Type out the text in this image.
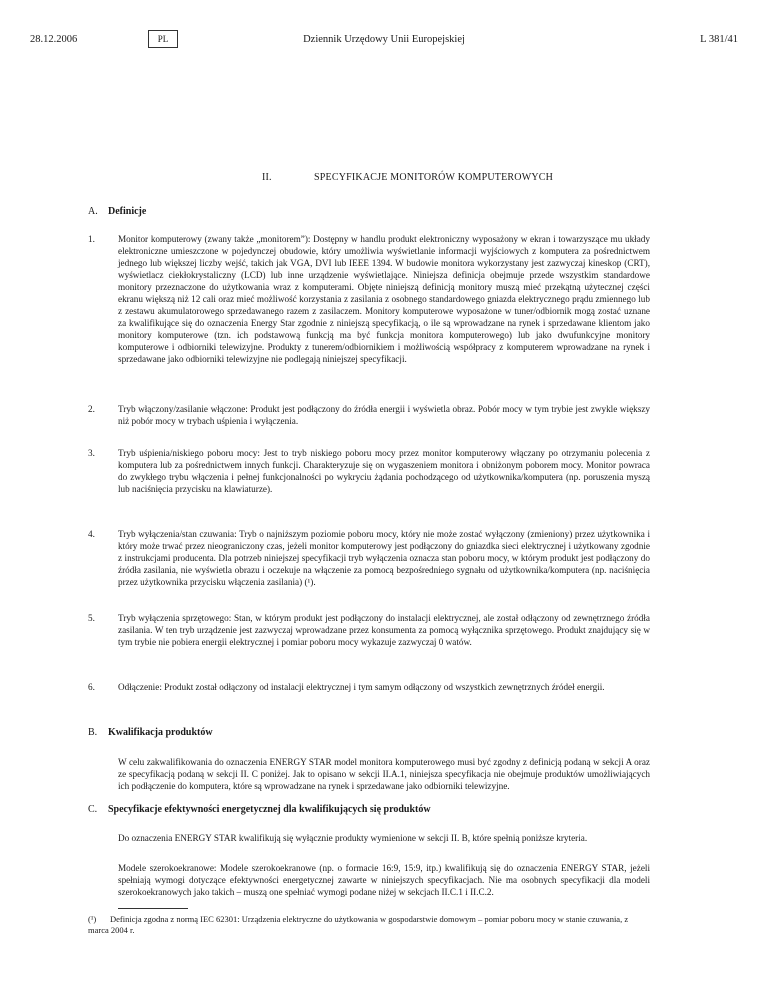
28.12.2006	PL	Dziennik Urzędowy Unii Europejskiej	L 381/41
II.	SPECYFIKACJE MONITORÓW KOMPUTEROWYCH
A. Definicje
1.	Monitor komputerowy (zwany także „monitorem”): Dostępny w handlu produkt elektroniczny wyposażony w ekran i towarzyszące mu układy elektroniczne umieszczone w pojedynczej obudowie, który umożliwia wyświetlanie informacji wyjściowych z komputera za pośrednictwem jednego lub większej liczby wejść, takich jak VGA, DVI lub IEEE 1394. W budowie monitora wykorzystany jest zazwyczaj kineskop (CRT), wyświetlacz ciekłokrystaliczny (LCD) lub inne urządzenie wyświetlające. Niniejsza definicja obejmuje przede wszystkim standardowe monitory przeznaczone do użytkowania wraz z komputerami. Objęte niniejszą definicją monitory muszą mieć przekątną użytecznej części ekranu większą niż 12 cali oraz mieć możliwość korzystania z zasilania z osobnego standardowego gniazda elektrycznego prądu zmiennego lub z zestawu akumulatorowego sprzedawanego razem z zasilaczem. Monitory komputerowe wyposażone w tuner/odbiornik mogą zostać uznane za kwalifikujące się do oznaczenia Energy Star zgodnie z niniejszą specyfikacją, o ile są wprowadzane na rynek i sprzedawane klientom jako monitory komputerowe (tzn. ich podstawową funkcją ma być funkcja monitora komputerowego) lub jako dwufunkcyjne monitory komputerowe i odbiorniki telewizyjne. Produkty z tunerem/odbiornikiem i możliwością współpracy z komputerem wprowadzane na rynek i sprzedawane jako odbiorniki telewizyjne nie podlegają niniejszej specyfikacji.
2.	Tryb włączony/zasilanie włączone: Produkt jest podłączony do źródła energii i wyświetla obraz. Pobór mocy w tym trybie jest zwykle większy niż pobór mocy w trybach uśpienia i wyłączenia.
3.	Tryb uśpienia/niskiego poboru mocy: Jest to tryb niskiego poboru mocy przez monitor komputerowy włączany po otrzymaniu polecenia z komputera lub za pośrednictwem innych funkcji. Charakteryzuje się on wygaszeniem monitora i obniżonym poborem mocy. Monitor powraca do zwykłego trybu włączenia i pełnej funkcjonalności po wykryciu żądania pochodzącego od użytkownika/komputera (np. poruszenia myszą lub naciśnięcia przycisku na klawiaturze).
4.	Tryb wyłączenia/stan czuwania: Tryb o najniższym poziomie poboru mocy, który nie może zostać wyłączony (zmieniony) przez użytkownika i który może trwać przez nieograniczony czas, jeżeli monitor komputerowy jest podłączony do gniazdka sieci elektrycznej i użytkowany zgodnie z instrukcjami producenta. Dla potrzeb niniejszej specyfikacji tryb wyłączenia oznacza stan poboru mocy, w którym produkt jest podłączony do źródła zasilania, nie wyświetla obrazu i oczekuje na włączenie za pomocą bezpośredniego sygnału od użytkownika/komputera (np. naciśnięcia przez użytkownika przycisku włączenia zasilania) (¹).
5.	Tryb wyłączenia sprzętowego: Stan, w którym produkt jest podłączony do instalacji elektrycznej, ale został odłączony od zewnętrznego źródła zasilania. W ten tryb urządzenie jest zazwyczaj wprowadzane przez konsumenta za pomocą wyłącznika sprzętowego. Produkt znajdujący się w tym trybie nie pobiera energii elektrycznej i pomiar poboru mocy wykazuje zazwyczaj 0 watów.
6.	Odłączenie: Produkt został odłączony od instalacji elektrycznej i tym samym odłączony od wszystkich zewnętrznych źródeł energii.
B. Kwalifikacja produktów
W celu zakwalifikowania do oznaczenia ENERGY STAR model monitora komputerowego musi być zgodny z definicją podaną w sekcji A oraz ze specyfikacją podaną w sekcji II. C poniżej. Jak to opisano w sekcji II.A.1, niniejsza specyfikacja nie obejmuje produktów umożliwiających ich podłączenie do komputera, które są wprowadzane na rynek i sprzedawane jako odbiorniki telewizyjne.
C. Specyfikacje efektywności energetycznej dla kwalifikujących się produktów
Do oznaczenia ENERGY STAR kwalifikują się wyłącznie produkty wymienione w sekcji II. B, które spełnią poniższe kryteria.
Modele szerokoekranowe: Modele szerokoekranowe (np. o formacie 16:9, 15:9, itp.) kwalifikują się do oznaczenia ENERGY STAR, jeżeli spełniają wymogi dotyczące efektywności energetycznej zawarte w niniejszych specyfikacjach. Nie ma osobnych specyfikacji dla modeli szerokoekranowych jako takich – muszą one spełniać wymogi podane niżej w sekcjach II.C.1 i II.C.2.
(¹) Definicja zgodna z normą IEC 62301: Urządzenia elektryczne do użytkowania w gospodarstwie domowym – pomiar poboru mocy w stanie czuwania, z marca 2004 r.
